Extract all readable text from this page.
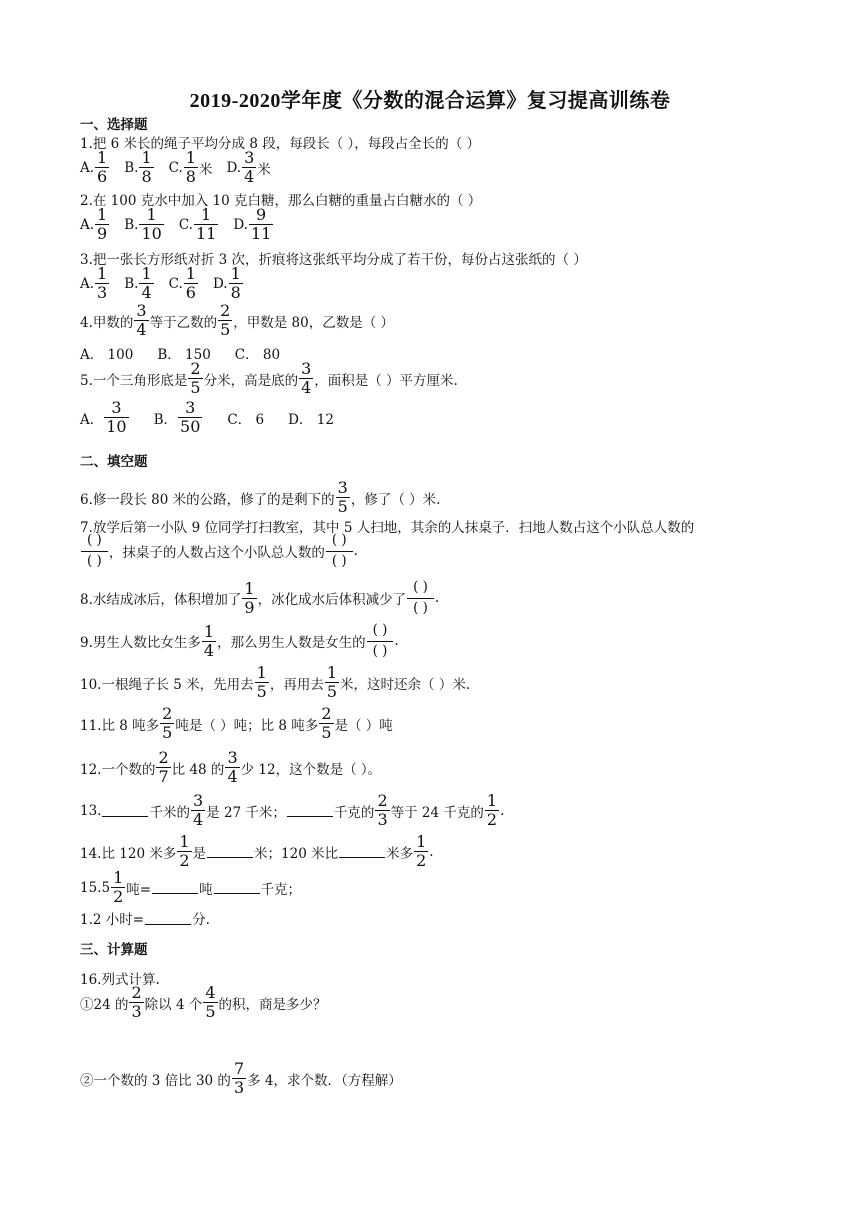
2019-2020学年度《分数的混合运算》复习提高训练卷
一、选择题
1.把 6 米长的绳子平均分成 8 段，每段长（ ），每段占全长的（ ）
A. $\frac{1}{6} B$. $\frac{1}{8} C$. $\frac{1}{8}$ 米 D. $\frac{3}{4}$ 米
2.在 100 克水中加入 10 克白糖，那么白糖的重量占白糖水的（ ）
A. $\frac{1}{9} B$. $\frac{1}{10} C$. $\frac{1}{11} D$. $\frac{9}{11}$
3.把一张长方形纸对折 3 次，折痕将这张纸平均分成了若干份，每份占这张纸的（ ）
A. $\frac{1}{3} B$. $\frac{1}{4} C$. $\frac{1}{6} D$. $\frac{1}{8}$
4.甲数的 $\frac{3}{4}$ 等于乙数的 $\frac{2}{5}$ ，甲数是 80，乙数是（ ）
A． 100 B． 150 C． 80
5.一个三角形底是 $\frac{2}{5}$ 分米，高是底的 $\frac{3}{4}$ ，面积是（ ）平方厘米.
A． $\frac{3}{10}$ B． $\frac{3}{50}$ C． 6 D． 12
二、填空题
6.修一段长 80 米的公路，修了的是剩下的 $\frac{3}{5}$ ，修了（ ）米.
7.放学后第一小队 9 位同学打扫教室，其中 5 人扫地，其余的人抹桌子．扫地人数占这个小队总人数的
( )
( ) ，抹桌子的人数占这个小队总人数的
( )
( )
.
8.水结成冰后，体积增加了 $\frac{1}{9}$ ，冰化成水后体积减少了
( )
( )
.
9.男生人数比女生多 $\frac{1}{4}$ ，那么男生人数是女生的
( )
( )
.
10.一根绳子长 5 米，先用去 $\frac{1}{5}$ ，再用去 $\frac{1}{5}$ 米，这时还余（ ）米.
11.比 8 吨多 $\frac{2}{5}$ 吨是（ ）吨；比 8 吨多 $\frac{2}{5}$ 是（ ）吨
12.一个数的 $\frac{2}{7}$ 比 48 的 $\frac{3}{4}$ 少 12，这个数是（ ）。
13.	千米的 $\frac{3}{4}$ 是 27 千米；	千克的 $\frac{2}{3}$ 等于 24 千克的 $\frac{1}{2}$ .
14.比 120 米多 $\frac{1}{2}$ 是	米；120 米比	米多 $\frac{1}{2}$ .
$15.5 \frac{1}{2}$ 吨=	吨	千克；
1.2 小时=	分.
三、计算题
16.列式计算.
①24 的 $\frac{2}{3}$ 除以 4 个 $\frac{4}{5}$ 的积，商是多少？
②一个数的 3 倍比 30 的 $\frac{7}{3}$ 多 4，求个数．（方程解）
